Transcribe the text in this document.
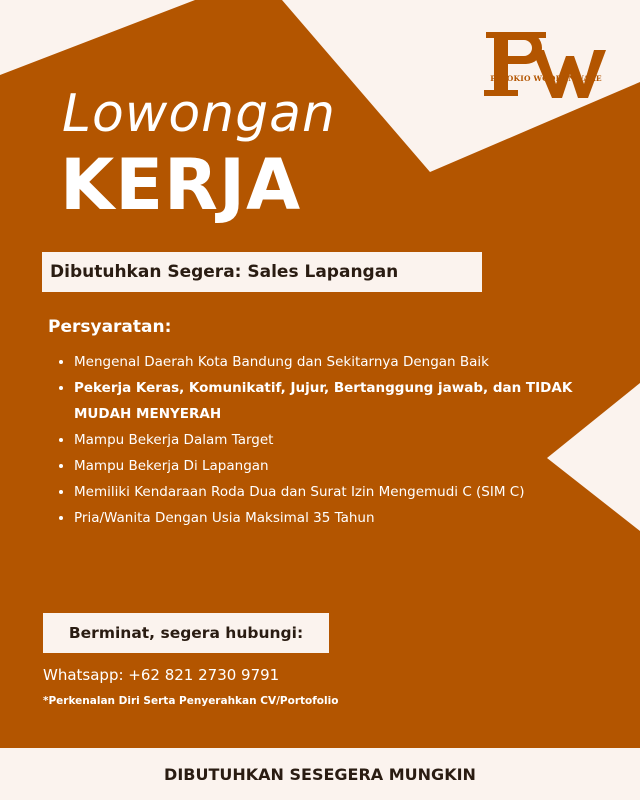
PINOKIO WOODENWARE
Lowongan
KERJA
Dibutuhkan Segera: Sales Lapangan
Persyaratan:
• Mengenal Daerah Kota Bandung dan Sekitarnya Dengan Baik
• Pekerja Keras, Komunikatif, Jujur, Bertanggung jawab, dan TIDAK MUDAH MENYERAH
• Mampu Bekerja Dalam Target
• Mampu Bekerja Di Lapangan
• Memiliki Kendaraan Roda Dua dan Surat Izin Mengemudi C (SIM C)
• Pria/Wanita Dengan Usia Maksimal 35 Tahun
Berminat, segera hubungi:
Whatsapp: +62 821 2730 9791
*Perkenalan Diri Serta Penyerahkan CV/Portofolio
DIBUTUHKAN SESEGERA MUNGKIN
